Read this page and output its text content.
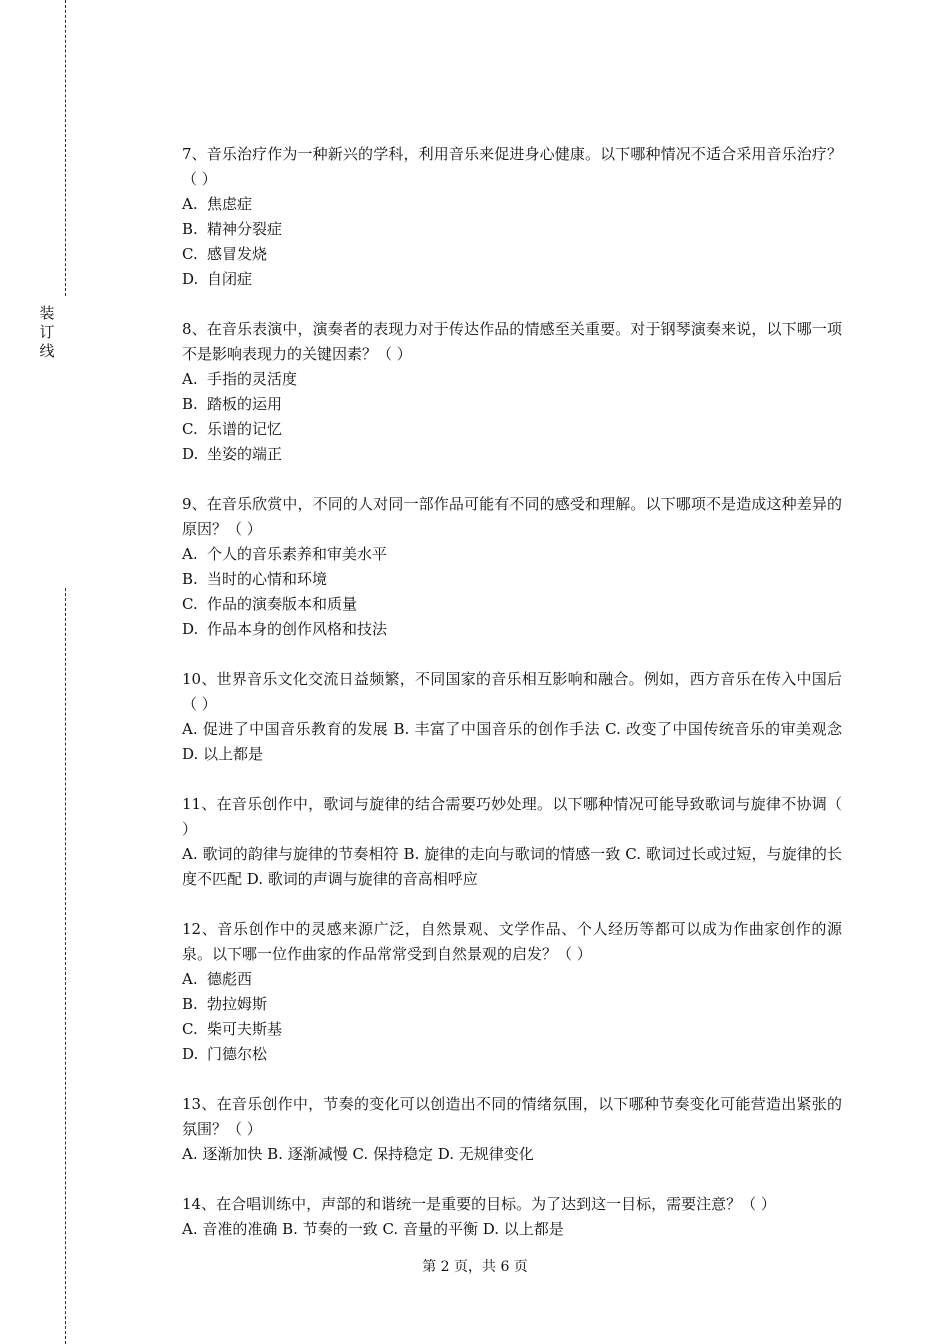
装
订
线

7、音乐治疗作为一种新兴的学科，利用音乐来促进身心健康。以下哪种情况不适合采用音乐治疗？（ ）

A. 焦虑症
B. 精神分裂症
C. 感冒发烧
D. 自闭症

8、在音乐表演中，演奏者的表现力对于传达作品的情感至关重要。对于钢琴演奏来说，以下哪一项不是影响表现力的关键因素？（ ）

A. 手指的灵活度
B. 踏板的运用
C. 乐谱的记忆
D. 坐姿的端正

9、在音乐欣赏中，不同的人对同一部作品可能有不同的感受和理解。以下哪项不是造成这种差异的原因？（ ）

A. 个人的音乐素养和审美水平
B. 当时的心情和环境
C. 作品的演奏版本和质量
D. 作品本身的创作风格和技法

10、世界音乐文化交流日益频繁，不同国家的音乐相互影响和融合。例如，西方音乐在传入中国后（ ）

A. 促进了中国音乐教育的发展 B. 丰富了中国音乐的创作手法 C. 改变了中国传统音乐的审美观念 D. 以上都是

11、在音乐创作中，歌词与旋律的结合需要巧妙处理。以下哪种情况可能导致歌词与旋律不协调（ ）

A. 歌词的韵律与旋律的节奏相符 B. 旋律的走向与歌词的情感一致 C. 歌词过长或过短，与旋律的长度不匹配 D. 歌词的声调与旋律的音高相呼应

12、音乐创作中的灵感来源广泛，自然景观、文学作品、个人经历等都可以成为作曲家创作的源泉。以下哪一位作曲家的作品常常受到自然景观的启发？（ ）

A. 德彪西
B. 勃拉姆斯
C. 柴可夫斯基
D. 门德尔松

13、在音乐创作中，节奏的变化可以创造出不同的情绪氛围，以下哪种节奏变化可能营造出紧张的氛围？（ ）

A. 逐渐加快 B. 逐渐减慢 C. 保持稳定 D. 无规律变化

14、在合唱训练中，声部的和谐统一是重要的目标。为了达到这一目标，需要注意？（ ）

A. 音准的准确 B. 节奏的一致 C. 音量的平衡 D. 以上都是

第 2 页，共 6 页
